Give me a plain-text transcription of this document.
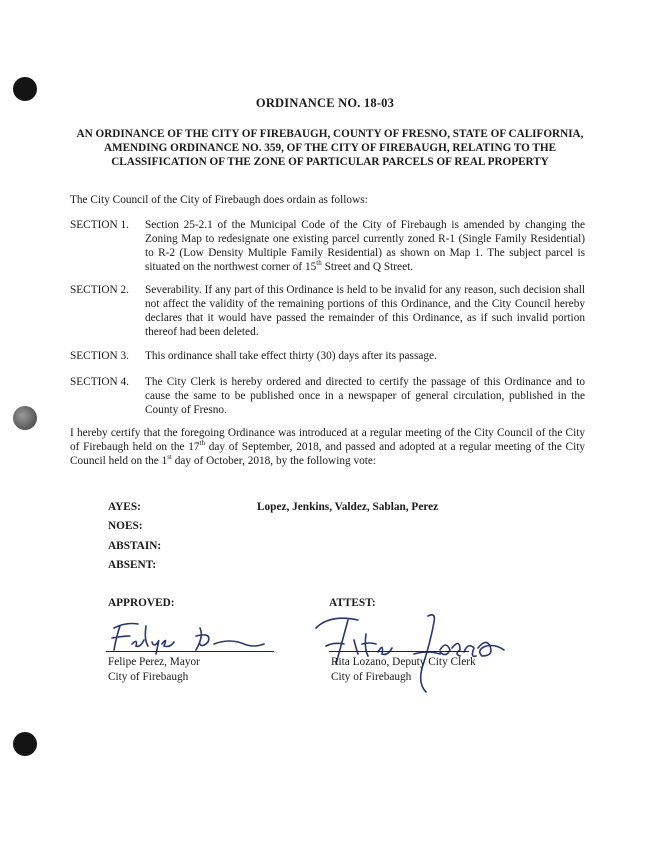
ORDINANCE NO. 18-03
AN ORDINANCE OF THE CITY OF FIREBAUGH, COUNTY OF FRESNO, STATE OF CALIFORNIA, AMENDING ORDINANCE NO. 359, OF THE CITY OF FIREBAUGH, RELATING TO THE CLASSIFICATION OF THE ZONE OF PARTICULAR PARCELS OF REAL PROPERTY
The City Council of the City of Firebaugh does ordain as follows:
SECTION 1. Section 25-2.1 of the Municipal Code of the City of Firebaugh is amended by changing the Zoning Map to redesignate one existing parcel currently zoned R-1 (Single Family Residential) to R-2 (Low Density Multiple Family Residential) as shown on Map 1. The subject parcel is situated on the northwest corner of 15th Street and Q Street.
SECTION 2. Severability. If any part of this Ordinance is held to be invalid for any reason, such decision shall not affect the validity of the remaining portions of this Ordinance, and the City Council hereby declares that it would have passed the remainder of this Ordinance, as if such invalid portion thereof had been deleted.
SECTION 3. This ordinance shall take effect thirty (30) days after its passage.
SECTION 4. The City Clerk is hereby ordered and directed to certify the passage of this Ordinance and to cause the same to be published once in a newspaper of general circulation, published in the County of Fresno.
I hereby certify that the foregoing Ordinance was introduced at a regular meeting of the City Council of the City of Firebaugh held on the 17th day of September, 2018, and passed and adopted at a regular meeting of the City Council held on the 1st day of October, 2018, by the following vote:
AYES:	Lopez, Jenkins, Valdez, Sablan, Perez
NOES:
ABSTAIN:
ABSENT:
APPROVED:
Felipe Perez, Mayor
City of Firebaugh
ATTEST:
Rita Lozano, Deputy City Clerk
City of Firebaugh
